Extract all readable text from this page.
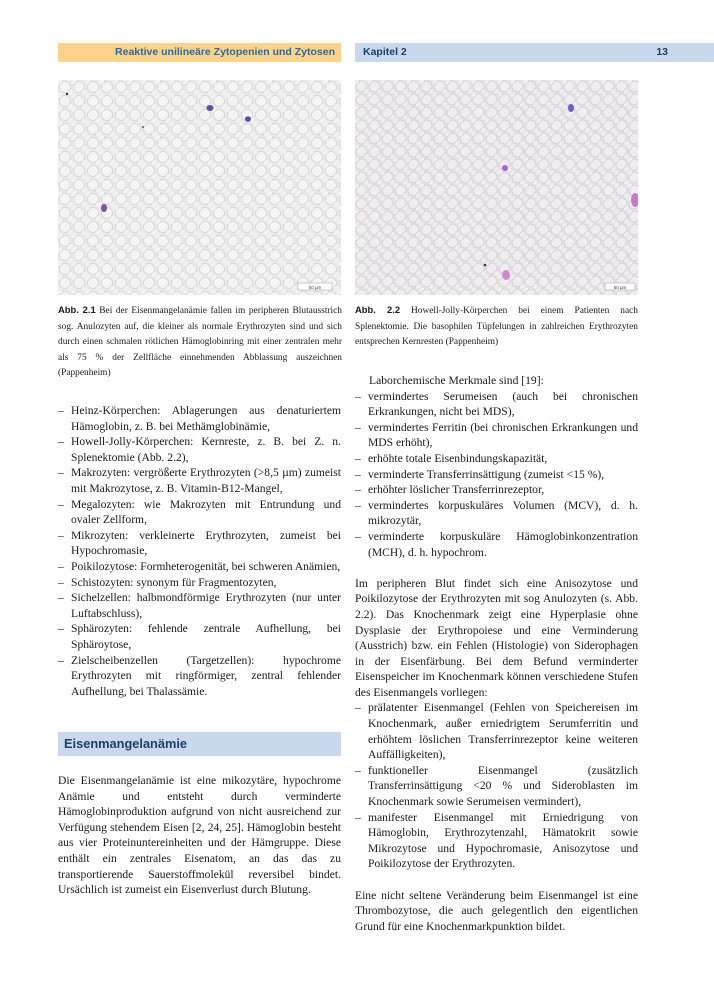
Reaktive unilineäre Zytopenien und Zytosen	Kapitel 2	13
50 µm	50 µm
Abb. 2.1 Bei der Eisenmangelanämie fallen im peripheren Blutausstrich sog. Anulozyten auf, die kleiner als normale Erythrozyten sind und sich durch einen schmalen rötlichen Hämoglobinring mit einer zentralen mehr als 75 % der Zellfläche einnehmenden Abblassung auszeichnen (Pappenheim)
Abb. 2.2 Howell-Jolly-Körperchen bei einem Patienten nach Splenektomie. Die basophilen Tüpfelungen in zahlreichen Erythrozyten entsprechen Kernresten (Pappenheim)
– Heinz-Körperchen: Ablagerungen aus denaturiertem Hämoglobin, z. B. bei Methämglobinämie,
– Howell-Jolly-Körperchen: Kernreste, z. B. bei Z. n. Splenektomie (Abb. 2.2),
– Makrozyten: vergrößerte Erythrozyten (>8,5 µm) zumeist mit Makrozytose, z. B. Vitamin-B12-Mangel,
– Megalozyten: wie Makrozyten mit Entrundung und ovaler Zellform,
– Mikrozyten: verkleinerte Erythrozyten, zumeist bei Hypochromasie,
– Poikilozytose: Formheterogenität, bei schweren Anämien,
– Schistozyten: synonym für Fragmentozyten,
– Sichelzellen: halbmondförmige Erythrozyten (nur unter Luftabschluss),
– Sphärozyten: fehlende zentrale Aufhellung, bei Sphäroytose,
– Zielscheibenzellen (Targetzellen): hypochrome Erythrozyten mit ringförmiger, zentral fehlender Aufhellung, bei Thalassämie.
Eisenmangelanämie

Die Eisenmangelanämie ist eine mikozytäre, hypochrome Anämie und entsteht durch verminderte Hämoglobinproduktion aufgrund von nicht ausreichend zur Verfügung stehendem Eisen [2, 24, 25]. Hämoglobin besteht aus vier Proteinuntereinheiten und der Hämgruppe. Diese enthält ein zentrales Eisenatom, an das das zu transportierende Sauerstoffmolekül reversibel bindet. Ursächlich ist zumeist ein Eisenverlust durch Blutung.

Laborchemische Merkmale sind [19]:

– vermindertes Serumeisen (auch bei chronischen Erkrankungen, nicht bei MDS),
– vermindertes Ferritin (bei chronischen Erkrankungen und MDS erhöht),
– erhöhte totale Eisenbindungskapazität,
– verminderte Transferrinsättigung (zumeist <15 %),
– erhöhter löslicher Transferrinrezeptor,
– vermindertes korpuskuläres Volumen (MCV), d. h. mikrozytär,
– verminderte korpuskuläre Hämoglobinkonzentration (MCH), d. h. hypochrom.

Im peripheren Blut findet sich eine Anisozytose und Poikilozytose der Erythrozyten mit sog Anulozyten (s. Abb. 2.2). Das Knochenmark zeigt eine Hyperplasie ohne Dysplasie der Erythropoiese und eine Verminderung (Ausstrich) bzw. ein Fehlen (Histologie) von Siderophagen in der Eisenfärbung. Bei dem Befund verminderter Eisenspeicher im Knochenmark können verschiedene Stufen des Eisenmangels vorliegen:

– prälatenter Eisenmangel (Fehlen von Speichereisen im Knochenmark, außer erniedrigtem Serumferritin und erhöhtem löslichen Transferrinrezeptor keine weiteren Auffälligkeiten),
– funktioneller Eisenmangel (zusätzlich Transferrinsättigung <20 % und Sideroblasten im Knochenmark sowie Serumeisen vermindert),
– manifester Eisenmangel mit Erniedrigung von Hämoglobin, Erythrozytenzahl, Hämatokrit sowie Mikrozytose und Hypochromasie, Anisozytose und Poikilozytose der Erythrozyten.

Eine nicht seltene Veränderung beim Eisenmangel ist eine Thrombozytose, die auch gelegentlich den eigentlichen Grund für eine Knochenmarkpunktion bildet.
